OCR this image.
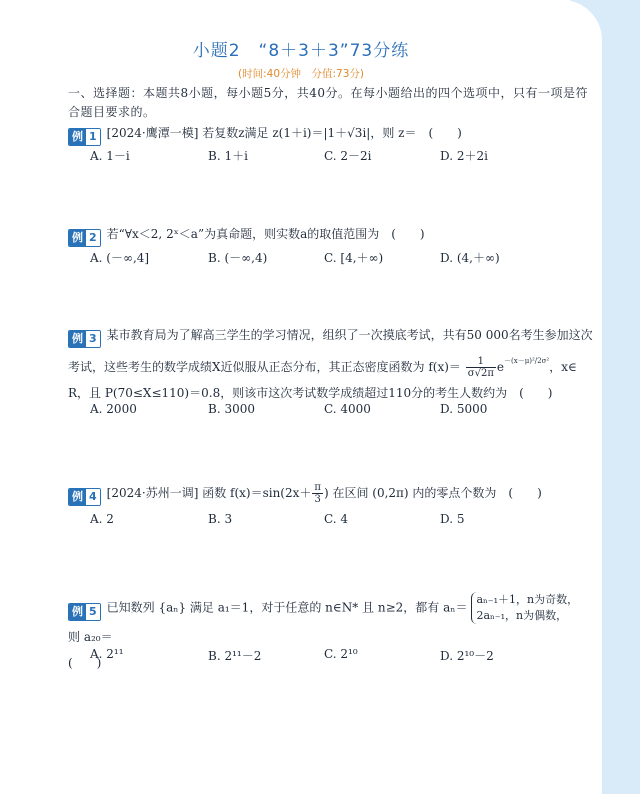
小题2　“8＋3＋3”73分练
(时间:40分钟　分值:73分)
一、选择题：本题共8小题，每小题5分，共40分。在每小题给出的四个选项中，只有一项是符合题目要求的。
例 1 [2024·鹰潭一模] 若复数z满足 z(1＋i)＝|1＋√3i|，则 z＝　(　　)
A. 1－i	B. 1＋i	C. 2－2i	D. 2＋2i
例 2 若“∀x＜2, 2ˣ＜a”为真命题，则实数a的取值范围为　(　　)
A. (－∞,4]	B. (－∞,4)	C. [4,＋∞)	D. (4,＋∞)
例 3 某市教育局为了解高三学生的学习情况，组织了一次摸底考试，共有50 000名考生参加这次
考试，这些考生的数学成绩X近似服从正态分布，其正态密度函数为 $f(x)= \frac{1}{\sigma√2\pi} e^{-(x-\mu)^2/2\sigma^2}$，x∈
R，且 P(70≤X≤110)＝0.8，则该市这次考试数学成绩超过110分的考生人数约为　(　　)
A. 2000	B. 3000	C. 4000	D. 5000
例 4 [2024·苏州一调] 函数 $f(x)=\sin(2x+ \frac{\pi}{3}$ ) 在区间 (0,2π) 内的零点个数为　(　　)
A. 2	B. 3	C. 4	D. 5
例 5 已知数列 {aₙ} 满足 a₁＝1，对于任意的 n∈N* 且 n≥2，都有 aₙ＝
aₙ₋₁＋1，n为奇数，
2aₙ₋₁，n为偶数，
则 a₂₀＝
(　　)
A. 2¹¹	B. 2¹¹－2	C. 2¹⁰	D. 2¹⁰－2
